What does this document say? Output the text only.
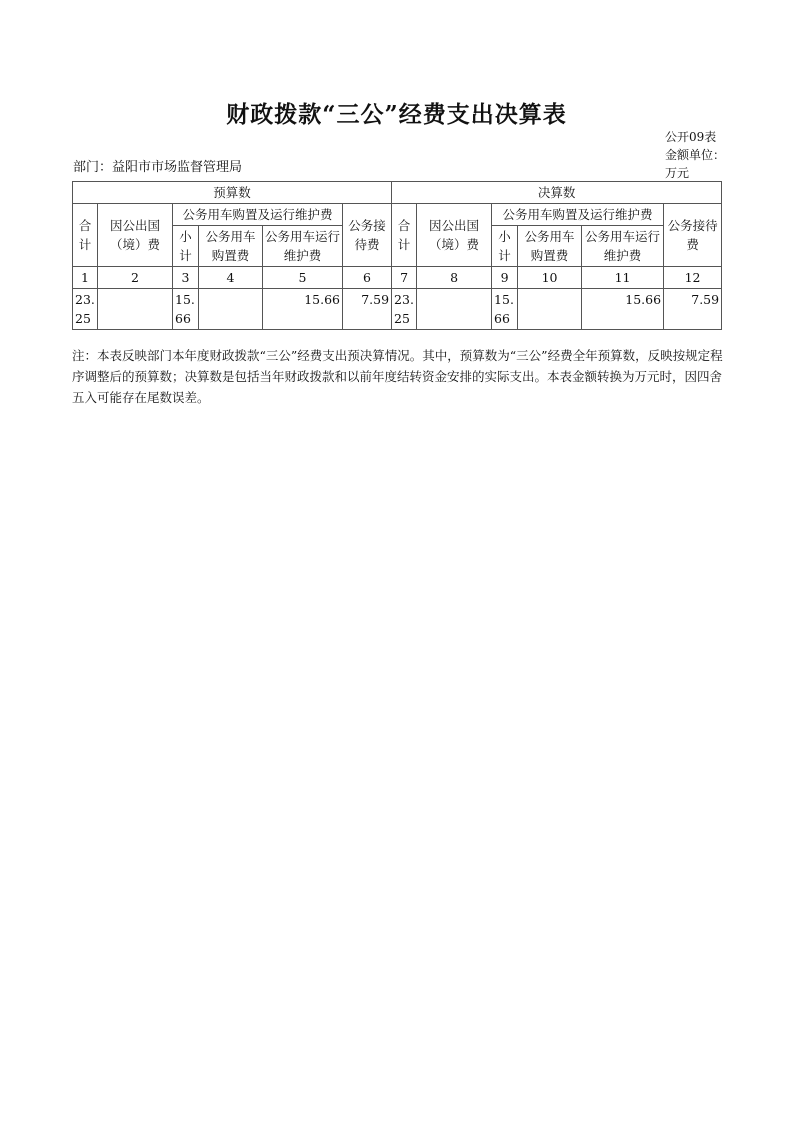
财政拨款“三公”经费支出决算表
公开09表
金额单位：万元
部门：益阳市市场监督管理局
预算数						决算数					
合计	因公出国（境）费	公务用车购置及运行维护费			公务接待费	合计	因公出国（境）费	公务用车购置及运行维护费			公务接待费
		小计	公务用车购置费	公务用车运行维护费				小计	公务用车购置费	公务用车运行维护费	
1	2	3	4	5	6	7	8	9	10	11	12
23.25		15.66		15.66	7.59	23.25		15.66		15.66	7.59
注：本表反映部门本年度财政拨款“三公”经费支出预决算情况。其中，预算数为“三公”经费全年预算数，反映按规定程序调整后的预算数；决算数是包括当年财政拨款和以前年度结转资金安排的实际支出。本表金额转换为万元时，因四舍五入可能存在尾数误差。
